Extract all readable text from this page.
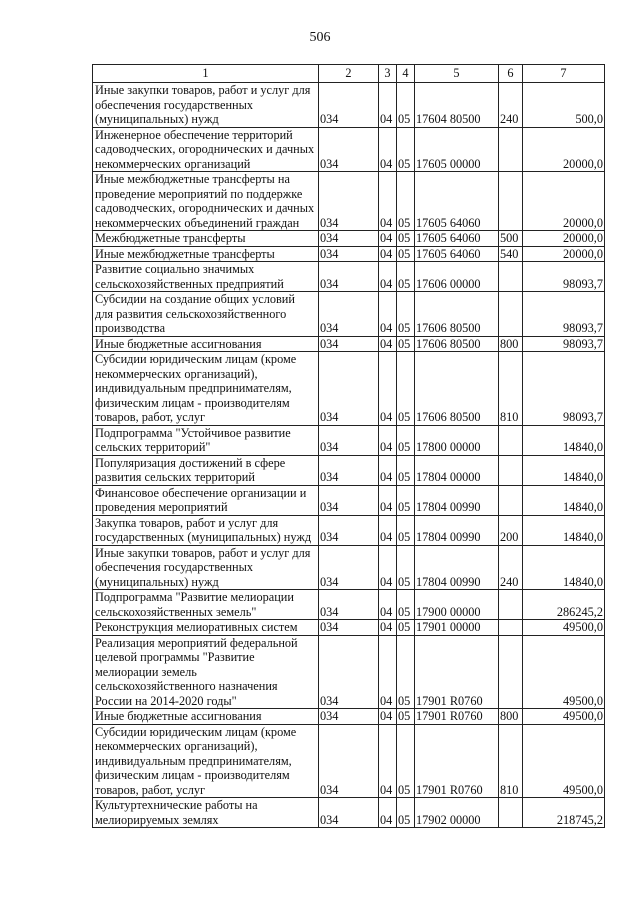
506
1	2	3	4	5	6	7
Иные закупки товаров, работ и услуг для обеспечения государственных (муниципальных) нужд	034	04	05	17604 80500	240	500,0
Инженерное обеспечение территорий садоводческих, огороднических и дачных некоммерческих организаций	034	04	05	17605 00000		20000,0
Иные межбюджетные трансферты на проведение мероприятий по поддержке садоводческих, огороднических и дачных некоммерческих объединений граждан	034	04	05	17605 64060		20000,0
Межбюджетные трансферты	034	04	05	17605 64060	500	20000,0
Иные межбюджетные трансферты	034	04	05	17605 64060	540	20000,0
Развитие социально значимых сельскохозяйственных предприятий	034	04	05	17606 00000		98093,7
Субсидии на создание общих условий для развития сельскохозяйственного производства	034	04	05	17606 80500		98093,7
Иные бюджетные ассигнования	034	04	05	17606 80500	800	98093,7
Субсидии юридическим лицам (кроме некоммерческих организаций), индивидуальным предпринимателям, физическим лицам - производителям товаров, работ, услуг	034	04	05	17606 80500	810	98093,7
Подпрограмма "Устойчивое развитие сельских территорий"	034	04	05	17800 00000		14840,0
Популяризация достижений в сфере развития сельских территорий	034	04	05	17804 00000		14840,0
Финансовое обеспечение организации и проведения мероприятий	034	04	05	17804 00990		14840,0
Закупка товаров, работ и услуг для государственных (муниципальных) нужд	034	04	05	17804 00990	200	14840,0
Иные закупки товаров, работ и услуг для обеспечения государственных (муниципальных) нужд	034	04	05	17804 00990	240	14840,0
Подпрограмма "Развитие мелиорации сельскохозяйственных земель"	034	04	05	17900 00000		286245,2
Реконструкция мелиоративных систем	034	04	05	17901 00000		49500,0
Реализация мероприятий федеральной целевой программы "Развитие мелиорации земель сельскохозяйственного назначения России на 2014-2020 годы"	034	04	05	17901 R0760		49500,0
Иные бюджетные ассигнования	034	04	05	17901 R0760	800	49500,0
Субсидии юридическим лицам (кроме некоммерческих организаций), индивидуальным предпринимателям, физическим лицам - производителям товаров, работ, услуг	034	04	05	17901 R0760	810	49500,0
Культуртехнические работы на мелиорируемых землях	034	04	05	17902 00000		218745,2
